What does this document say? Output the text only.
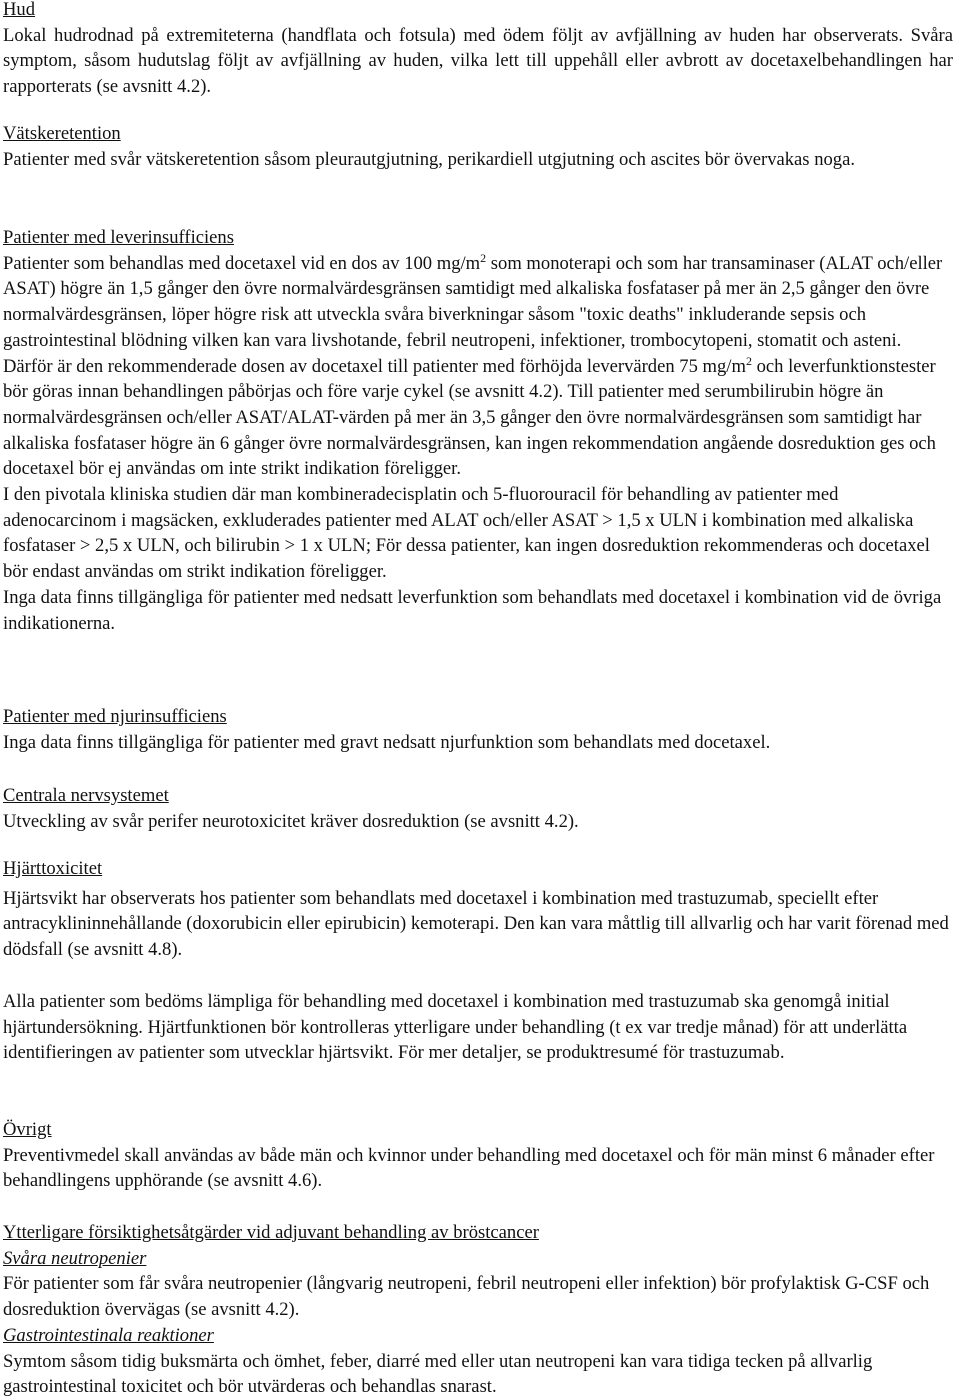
Hud

Lokal hudrodnad på extremiteterna (handflata och fotsula) med ödem följt av avfjällning av huden har observerats. Svåra symptom, såsom hudutslag följt av avfjällning av huden, vilka lett till uppehåll eller avbrott av docetaxelbehandlingen har rapporterats (se avsnitt 4.2).

Vätskeretention

Patienter med svår vätskeretention såsom pleurautgjutning, perikardiell utgjutning och ascites bör övervakas noga.

Patienter med leverinsufficiens

Patienter som behandlas med docetaxel vid en dos av 100 $mg/m^2$ som monoterapi och som har transaminaser (ALAT och/eller ASAT) högre än 1,5 gånger den övre normalvärdesgränsen samtidigt med alkaliska fosfataser på mer än 2,5 gånger den övre normalvärdesgränsen, löper högre risk att utveckla svåra biverkningar såsom "toxic deaths" inkluderande sepsis och gastrointestinal blödning vilken kan vara livshotande, febril neutropeni, infektioner, trombocytopeni, stomatit och asteni. Därför är den rekommenderade dosen av docetaxel till patienter med förhöjda levervärden 75 $mg/m^2$ och leverfunktionstester bör göras innan behandlingen påbörjas och före varje cykel (se avsnitt 4.2). Till patienter med serumbilirubin högre än normalvärdesgränsen och/eller ASAT/ALAT-värden på mer än 3,5 gånger den övre normalvärdesgränsen som samtidigt har alkaliska fosfataser högre än 6 gånger övre normalvärdesgränsen, kan ingen rekommendation angående dosreduktion ges och docetaxel bör ej användas om inte strikt indikation föreligger.

I den pivotala kliniska studien där man kombineradecisplatin och 5-fluorouracil för behandling av patienter med adenocarcinom i magsäcken, exkluderades patienter med ALAT och/eller ASAT > 1,5 x ULN i kombination med alkaliska fosfataser > 2,5 x ULN, och bilirubin > 1 x ULN; För dessa patienter, kan ingen dosreduktion rekommenderas och docetaxel bör endast användas om strikt indikation föreligger.

Inga data finns tillgängliga för patienter med nedsatt leverfunktion som behandlats med docetaxel i kombination vid de övriga indikationerna.

Patienter med njurinsufficiens

Inga data finns tillgängliga för patienter med gravt nedsatt njurfunktion som behandlats med docetaxel.

Centrala nervsystemet

Utveckling av svår perifer neurotoxicitet kräver dosreduktion (se avsnitt 4.2).

Hjärttoxicitet

Hjärtsvikt har observerats hos patienter som behandlats med docetaxel i kombination med trastuzumab, speciellt efter antracyklininnehållande (doxorubicin eller epirubicin) kemoterapi. Den kan vara måttlig till allvarlig och har varit förenad med dödsfall (se avsnitt 4.8).

Alla patienter som bedöms lämpliga för behandling med docetaxel i kombination med trastuzumab ska genomgå initial hjärtundersökning. Hjärtfunktionen bör kontrolleras ytterligare under behandling (t ex var tredje månad) för att underlätta identifieringen av patienter som utvecklar hjärtsvikt. För mer detaljer, se produktresumé för trastuzumab.

Övrigt

Preventivmedel skall användas av både män och kvinnor under behandling med docetaxel och för män minst 6 månader efter behandlingens upphörande (se avsnitt 4.6).

Ytterligare försiktighetsåtgärder vid adjuvant behandling av bröstcancer
Svåra neutropenier

För patienter som får svåra neutropenier (långvarig neutropeni, febril neutropeni eller infektion) bör profylaktisk G-CSF och dosreduktion övervägas (se avsnitt 4.2).

Gastrointestinala reaktioner

Symtom såsom tidig buksmärta och ömhet, feber, diarré med eller utan neutropeni kan vara tidiga tecken på allvarlig gastrointestinal toxicitet och bör utvärderas och behandlas snarast.
